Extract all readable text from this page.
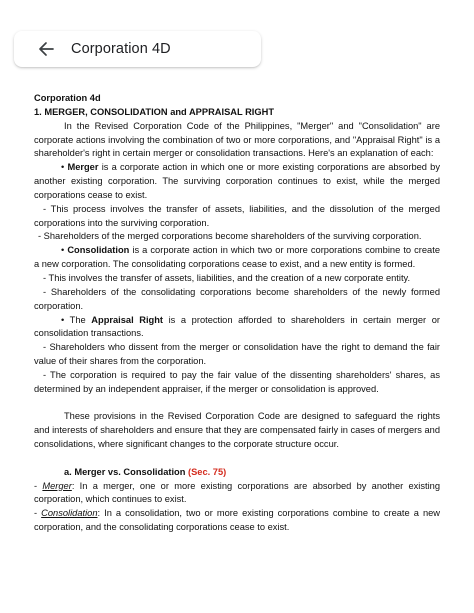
Corporation 4D

Corporation 4d

1. MERGER, CONSOLIDATION and APPRAISAL RIGHT

In the Revised Corporation Code of the Philippines, "Merger" and "Consolidation" are corporate actions involving the combination of two or more corporations, and "Appraisal Right" is a shareholder's right in certain merger or consolidation transactions. Here's an explanation of each:

• Merger is a corporate action in which one or more existing corporations are absorbed by another existing corporation. The surviving corporation continues to exist, while the merged corporations cease to exist.

- This process involves the transfer of assets, liabilities, and the dissolution of the merged corporations into the surviving corporation.

- Shareholders of the merged corporations become shareholders of the surviving corporation.

• Consolidation is a corporate action in which two or more corporations combine to create a new corporation. The consolidating corporations cease to exist, and a new entity is formed.

- This involves the transfer of assets, liabilities, and the creation of a new corporate entity.

- Shareholders of the consolidating corporations become shareholders of the newly formed corporation.

• The Appraisal Right is a protection afforded to shareholders in certain merger or consolidation transactions.

- Shareholders who dissent from the merger or consolidation have the right to demand the fair value of their shares from the corporation.

- The corporation is required to pay the fair value of the dissenting shareholders' shares, as determined by an independent appraiser, if the merger or consolidation is approved.

These provisions in the Revised Corporation Code are designed to safeguard the rights and interests of shareholders and ensure that they are compensated fairly in cases of mergers and consolidations, where significant changes to the corporate structure occur.

a. Merger vs. Consolidation (Sec. 75)

- Merger: In a merger, one or more existing corporations are absorbed by another existing corporation, which continues to exist.

- Consolidation: In a consolidation, two or more existing corporations combine to create a new corporation, and the consolidating corporations cease to exist.
